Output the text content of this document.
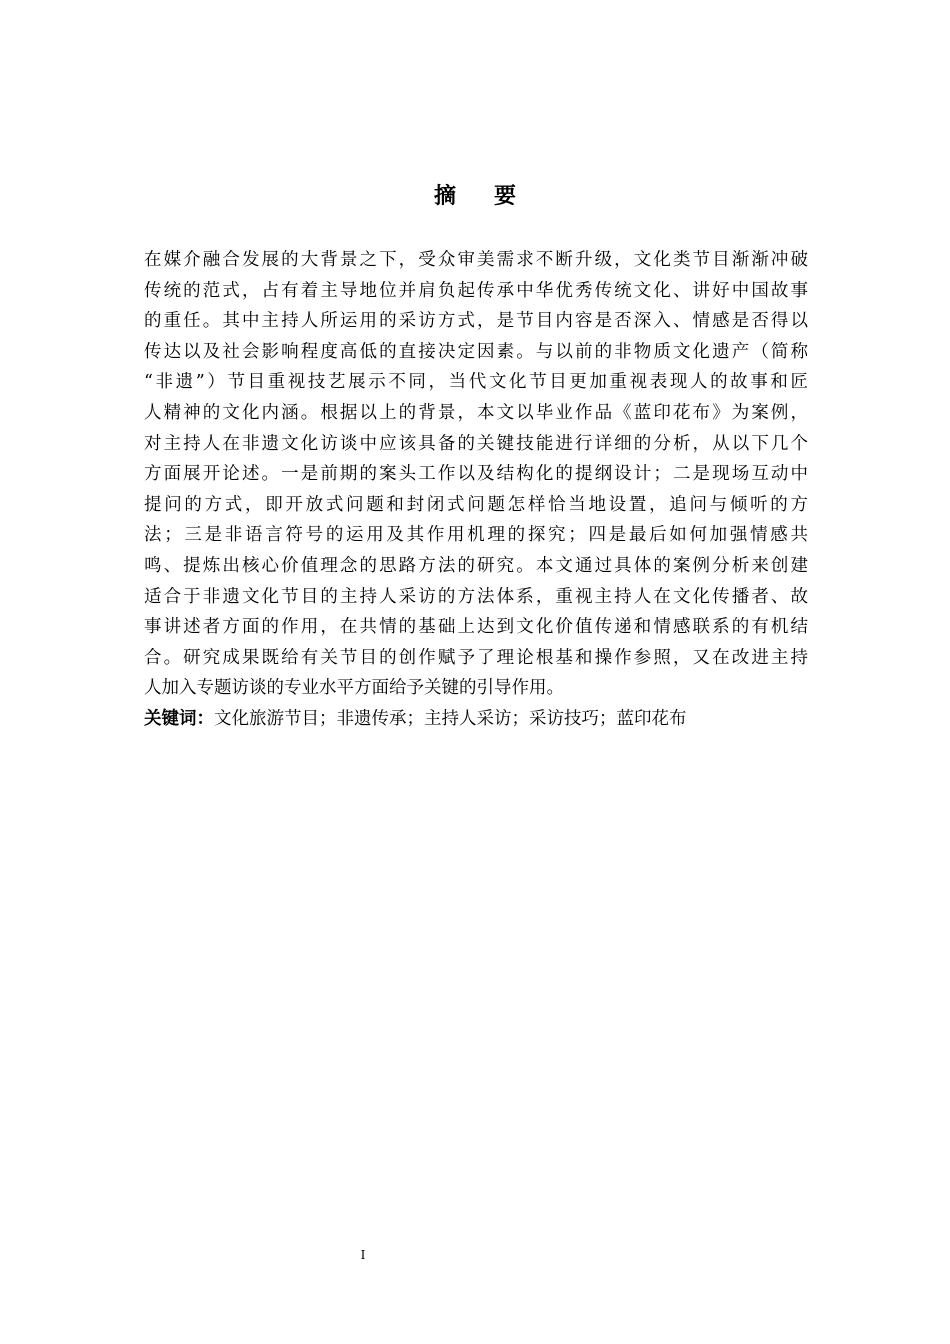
摘要
在媒介融合发展的大背景之下，受众审美需求不断升级，文化类节目渐渐冲破
传统的范式，占有着主导地位并肩负起传承中华优秀传统文化、讲好中国故事
的重任。其中主持人所运用的采访方式，是节目内容是否深入、情感是否得以
传达以及社会影响程度高低的直接决定因素。与以前的非物质文化遗产（简称
“非遗”）节目重视技艺展示不同，当代文化节目更加重视表现人的故事和匠
人精神的文化内涵。根据以上的背景，本文以毕业作品《蓝印花布》为案例，
对主持人在非遗文化访谈中应该具备的关键技能进行详细的分析，从以下几个
方面展开论述。一是前期的案头工作以及结构化的提纲设计；二是现场互动中
提问的方式，即开放式问题和封闭式问题怎样恰当地设置，追问与倾听的方
法；三是非语言符号的运用及其作用机理的探究；四是最后如何加强情感共
鸣、提炼出核心价值理念的思路方法的研究。本文通过具体的案例分析来创建
适合于非遗文化节目的主持人采访的方法体系，重视主持人在文化传播者、故
事讲述者方面的作用，在共情的基础上达到文化价值传递和情感联系的有机结
合。研究成果既给有关节目的创作赋予了理论根基和操作参照，又在改进主持
人加入专题访谈的专业水平方面给予关键的引导作用。
关键词：文化旅游节目；非遗传承；主持人采访；采访技巧；蓝印花布
I
